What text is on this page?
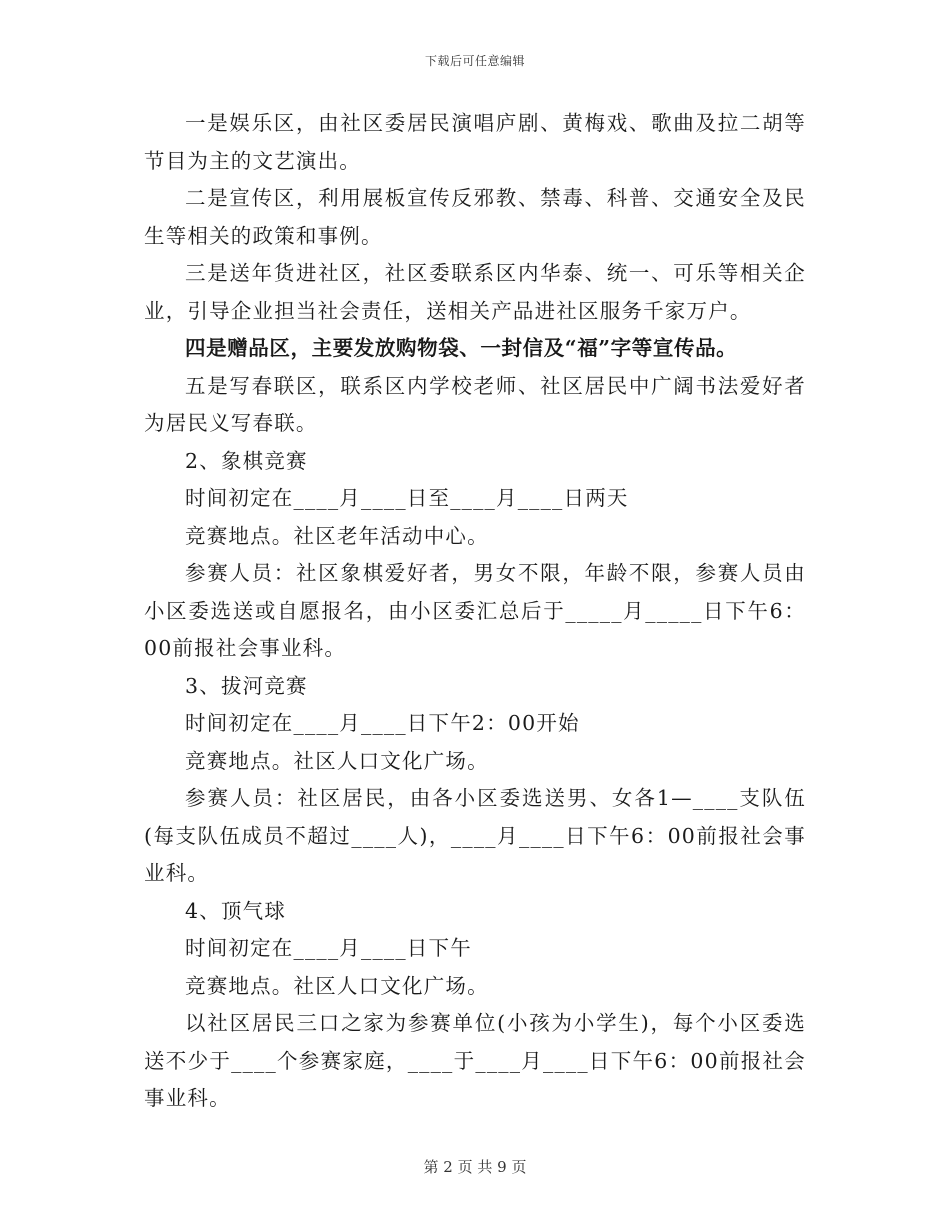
下载后可任意编辑

一是娱乐区，由社区委居民演唱庐剧、黄梅戏、歌曲及拉二胡等节目为主的文艺演出。

二是宣传区，利用展板宣传反邪教、禁毒、科普、交通安全及民生等相关的政策和事例。

三是送年货进社区，社区委联系区内华泰、统一、可乐等相关企业，引导企业担当社会责任，送相关产品进社区服务千家万户。

四是赠品区，主要发放购物袋、一封信及“福”字等宣传品。

五是写春联区，联系区内学校老师、社区居民中广阔书法爱好者为居民义写春联。

2、象棋竞赛

时间初定在____月____日至____月____日两天

竞赛地点。社区老年活动中心。

参赛人员：社区象棋爱好者，男女不限，年龄不限，参赛人员由小区委选送或自愿报名，由小区委汇总后于_____月_____日下午6：00前报社会事业科。

3、拔河竞赛

时间初定在____月____日下午2：00开始

竞赛地点。社区人口文化广场。

参赛人员：社区居民，由各小区委选送男、女各1—____支队伍(每支队伍成员不超过____人)，____月____日下午6：00前报社会事业科。

4、顶气球

时间初定在____月____日下午

竞赛地点。社区人口文化广场。

以社区居民三口之家为参赛单位(小孩为小学生)，每个小区委选送不少于____个参赛家庭，____于____月____日下午6：00前报社会事业科。

第 2 页 共 9 页
